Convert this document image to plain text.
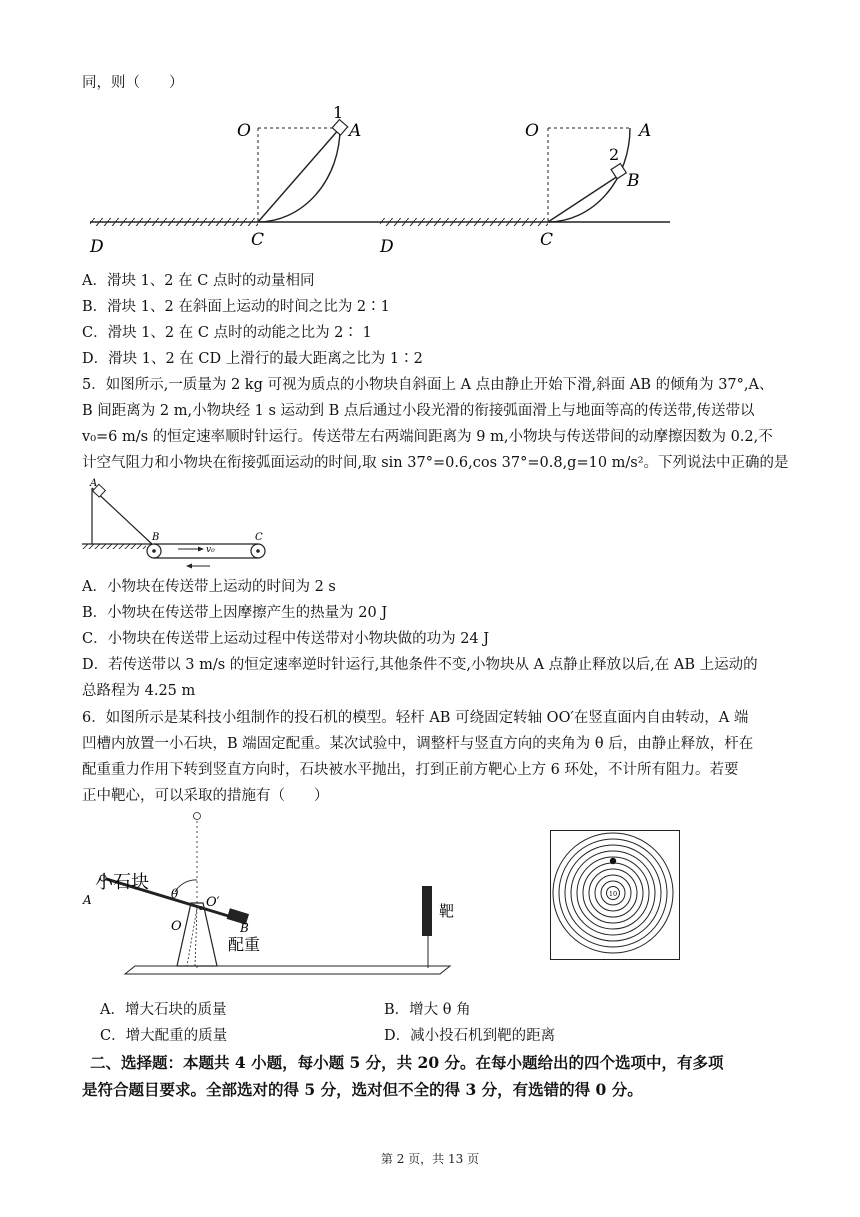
同，则（　　）
O	A
1
C
D
O	A
2
B
C
D
A．滑块 1、2 在 C 点时的动量相同
B．滑块 1、2 在斜面上运动的时间之比为 2∶1
C．滑块 1、2 在 C 点时的动能之比为 2∶ 1
D．滑块 1、2 在 CD 上滑行的最大距离之比为 1∶2
5．如图所示,一质量为 2 kg 可视为质点的小物块自斜面上 A 点由静止开始下滑,斜面 AB 的倾角为 37°,A、
B 间距离为 2 m,小物块经 1 s 运动到 B 点后通过小段光滑的衔接弧面滑上与地面等高的传送带,传送带以
v₀=6 m/s 的恒定速率顺时针运行。传送带左右两端间距离为 9 m,小物块与传送带间的动摩擦因数为 0.2,不
计空气阻力和小物块在衔接弧面运动的时间,取 sin 37°=0.6,cos 37°=0.8,g=10 m/s²。下列说法中正确的是
A
B	C
v₀
A．小物块在传送带上运动的时间为 2 s
B．小物块在传送带上因摩擦产生的热量为 20 J
C．小物块在传送带上运动过程中传送带对小物块做的功为 24 J
D．若传送带以 3 m/s 的恒定速率逆时针运行,其他条件不变,小物块从 A 点静止释放以后,在 AB 上运动的
总路程为 4.25 m
6．如图所示是某科技小组制作的投石机的模型。轻杆 AB 可绕固定转轴 OO′在竖直面内自由转动，A 端
凹槽内放置一小石块，B 端固定配重。某次试验中，调整杆与竖直方向的夹角为 θ 后，由静止释放，杆在
配重重力作用下转到竖直方向时，石块被水平抛出，打到正前方靶心上方 6 环处，不计所有阻力。若要
正中靶心，可以采取的措施有（　　）
小石块
A
B
O
O′
θ
配重
靶
10
A．增大石块的质量	B．增大 θ 角
C．增大配重的质量	D．减小投石机到靶的距离
二、选择题：本题共 4 小题，每小题 5 分，共 20 分。在每小题给出的四个选项中，有多项
是符合题目要求。全部选对的得 5 分，选对但不全的得 3 分，有选错的得 0 分。
第 2 页，共 13 页
